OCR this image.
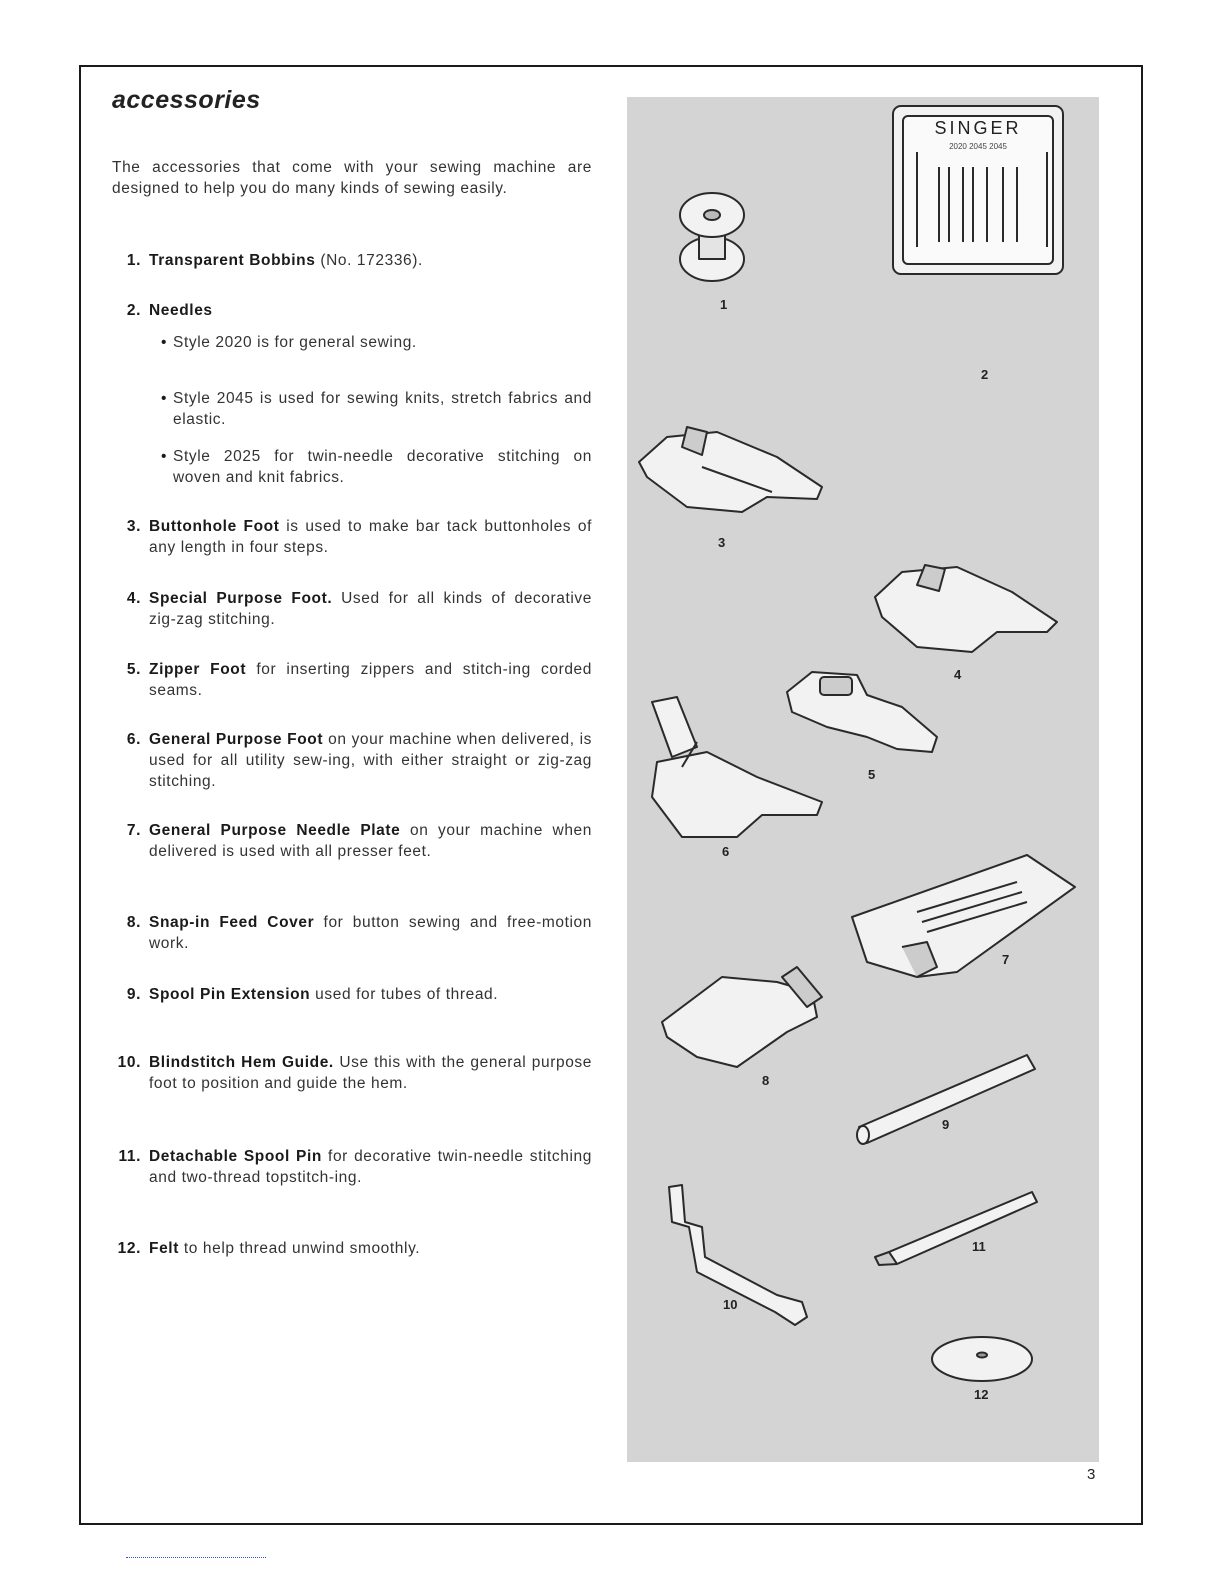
accessories
The accessories that come with your sewing machine are designed to help you do many kinds of sewing easily.
1. Transparent Bobbins (No. 172336).
2. Needles
• Style 2020 is for general sewing.
• Style 2045 is used for sewing knits, stretch fabrics and elastic.
• Style 2025 for twin-needle decorative stitching on woven and knit fabrics.
3. Buttonhole Foot is used to make bar tack buttonholes of any length in four steps.
4. Special Purpose Foot. Used for all kinds of decorative zig-zag stitching.
5. Zipper Foot for inserting zippers and stitch-ing corded seams.
6. General Purpose Foot on your machine when delivered, is used for all utility sew-ing, with either straight or zig-zag stitching.
7. General Purpose Needle Plate on your machine when delivered is used with all presser feet.
8. Snap-in Feed Cover for button sewing and free-motion work.
9. Spool Pin Extension used for tubes of thread.
10. Blindstitch Hem Guide. Use this with the general purpose foot to position and guide the hem.
11. Detachable Spool Pin for decorative twin-needle stitching and two-thread topstitch-ing.
12. Felt to help thread unwind smoothly.
SINGER
2020 2045 2045
1
2
3
4
5
6
7
8
9
10
11
12
3
